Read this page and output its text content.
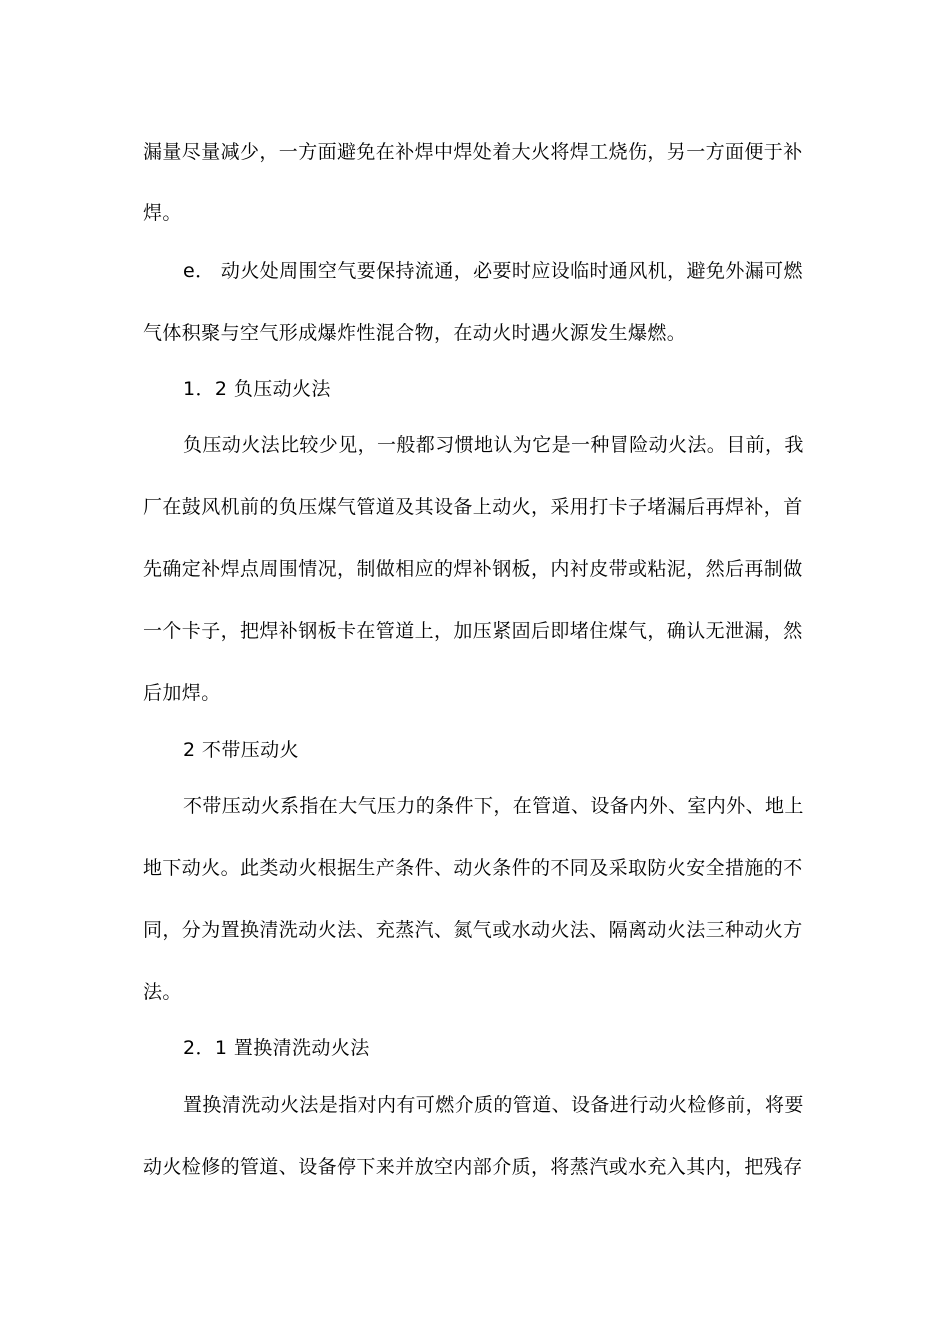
漏量尽量减少，一方面避免在补焊中焊处着大火将焊工烧伤，另一方面便于补
焊。
e． 动火处周围空气要保持流通，必要时应设临时通风机，避免外漏可燃
气体积聚与空气形成爆炸性混合物，在动火时遇火源发生爆燃。
1．2 负压动火法
负压动火法比较少见，一般都习惯地认为它是一种冒险动火法。目前，我
厂在鼓风机前的负压煤气管道及其设备上动火，采用打卡子堵漏后再焊补，首
先确定补焊点周围情况，制做相应的焊补钢板，内衬皮带或粘泥，然后再制做
一个卡子，把焊补钢板卡在管道上，加压紧固后即堵住煤气，确认无泄漏，然
后加焊。
2 不带压动火
不带压动火系指在大气压力的条件下，在管道、设备内外、室内外、地上
地下动火。此类动火根据生产条件、动火条件的不同及采取防火安全措施的不
同，分为置换清洗动火法、充蒸汽、氮气或水动火法、隔离动火法三种动火方
法。
2．1 置换清洗动火法
置换清洗动火法是指对内有可燃介质的管道、设备进行动火检修前，将要
动火检修的管道、设备停下来并放空内部介质，将蒸汽或水充入其内，把残存
